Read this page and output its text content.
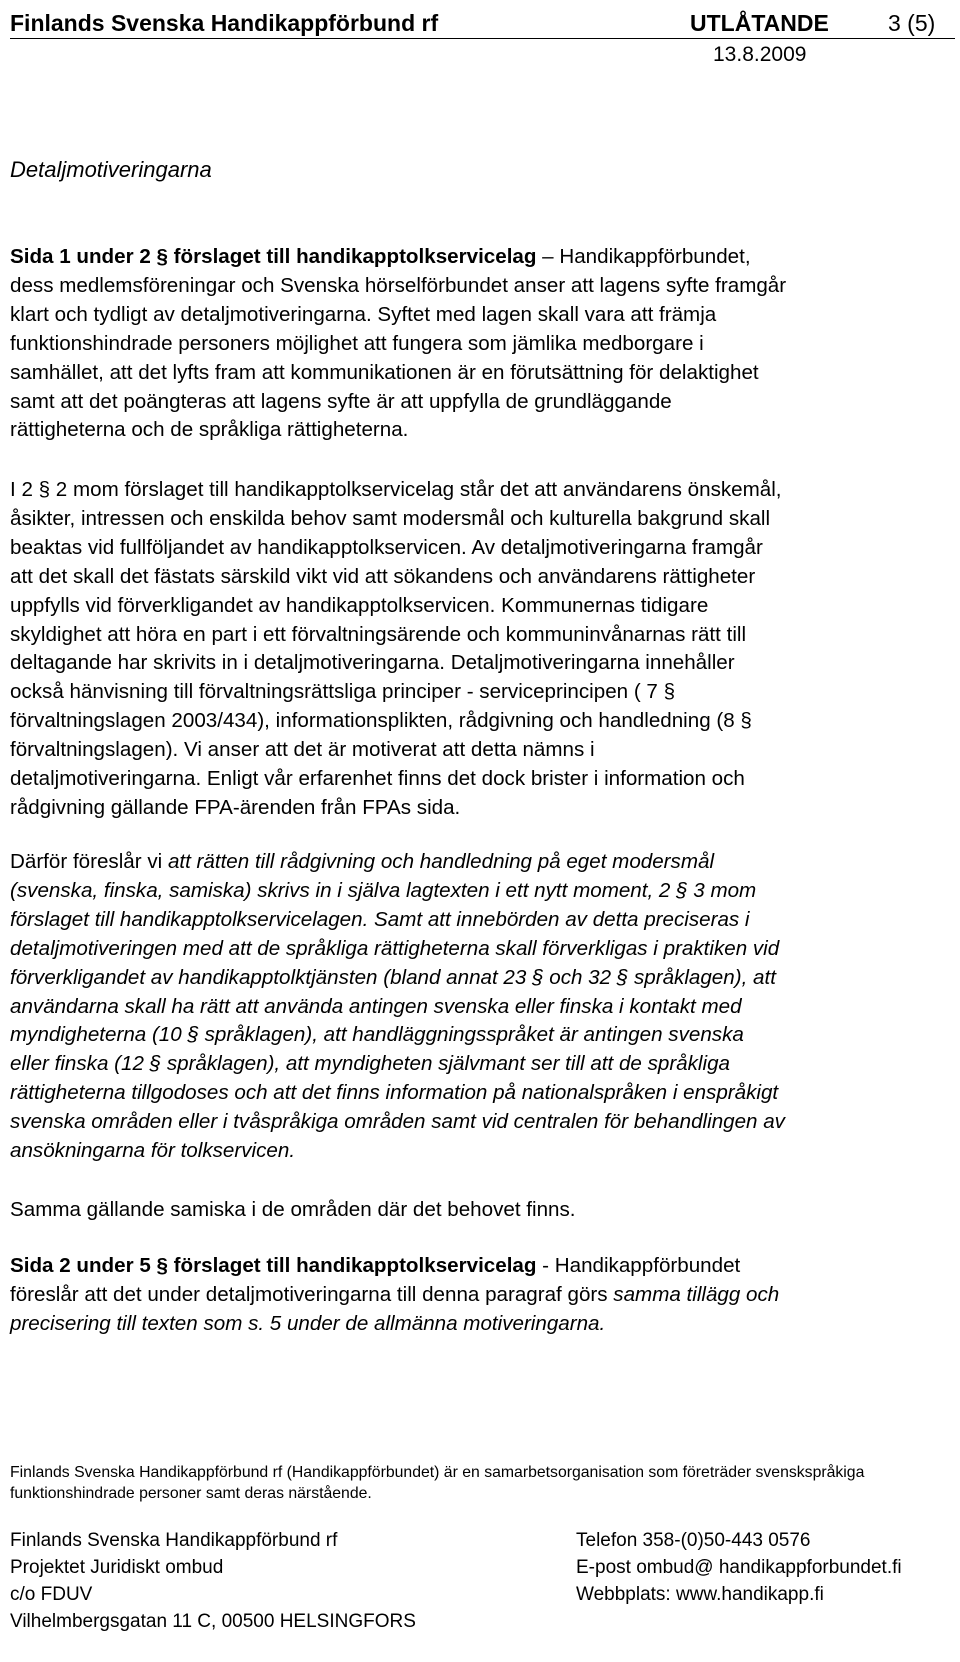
Finlands Svenska Handikappförbund rf	UTLÅTANDE	3 (5)
13.8.2009
Detaljmotiveringarna
Sida 1 under 2 § förslaget till handikapptolkservicelag – Handikappförbundet,
dess medlemsföreningar och Svenska hörselförbundet anser att lagens syfte framgår
klart och tydligt av detaljmotiveringarna. Syftet med lagen skall vara att främja
funktionshindrade personers möjlighet att fungera som jämlika medborgare i
samhället, att det lyfts fram att kommunikationen är en förutsättning för delaktighet
samt att det poängteras att lagens syfte är att uppfylla de grundläggande
rättigheterna och de språkliga rättigheterna.
I 2 § 2 mom förslaget till handikapptolkservicelag står det att användarens önskemål,
åsikter, intressen och enskilda behov samt modersmål och kulturella bakgrund skall
beaktas vid fullföljandet av handikapptolkservicen. Av detaljmotiveringarna framgår
att det skall det fästats särskild vikt vid att sökandens och användarens rättigheter
uppfylls vid förverkligandet av handikapptolkservicen. Kommunernas tidigare
skyldighet att höra en part i ett förvaltningsärende och kommuninvånarnas rätt till
deltagande har skrivits in i detaljmotiveringarna. Detaljmotiveringarna innehåller
också hänvisning till förvaltningsrättsliga principer - serviceprincipen ( 7 §
förvaltningslagen 2003/434), informationsplikten, rådgivning och handledning (8 §
förvaltningslagen). Vi anser att det är motiverat att detta nämns i
detaljmotiveringarna. Enligt vår erfarenhet finns det dock brister i information och
rådgivning gällande FPA-ärenden från FPAs sida.
Därför föreslår vi att rätten till rådgivning och handledning på eget modersmål
(svenska, finska, samiska) skrivs in i själva lagtexten i ett nytt moment, 2 § 3 mom
förslaget till handikapptolkservicelagen. Samt att innebörden av detta preciseras i
detaljmotiveringen med att de språkliga rättigheterna skall förverkligas i praktiken vid
förverkligandet av handikapptolktjänsten (bland annat 23 § och 32 § språklagen), att
användarna skall ha rätt att använda antingen svenska eller finska i kontakt med
myndigheterna (10 § språklagen), att handläggningsspråket är antingen svenska
eller finska (12 § språklagen), att myndigheten självmant ser till att de språkliga
rättigheterna tillgodoses och att det finns information på nationalspråken i enspråkigt
svenska områden eller i tvåspråkiga områden samt vid centralen för behandlingen av
ansökningarna för tolkservicen.
Samma gällande samiska i de områden där det behovet finns.
Sida 2 under 5 § förslaget till handikapptolkservicelag - Handikappförbundet
föreslår att det under detaljmotiveringarna till denna paragraf görs samma tillägg och
precisering till texten som s. 5 under de allmänna motiveringarna.
Finlands Svenska Handikappförbund rf (Handikappförbundet) är en samarbetsorganisation som företräder svenskspråkiga
funktionshindrade personer samt deras närstående.
Finlands Svenska Handikappförbund rf
Projektet Juridiskt ombud
c/o FDUV
Vilhelmbergsgatan 11 C, 00500 HELSINGFORS
Telefon 358-(0)50-443 0576
E-post ombud@ handikappforbundet.fi
Webbplats: www.handikapp.fi
